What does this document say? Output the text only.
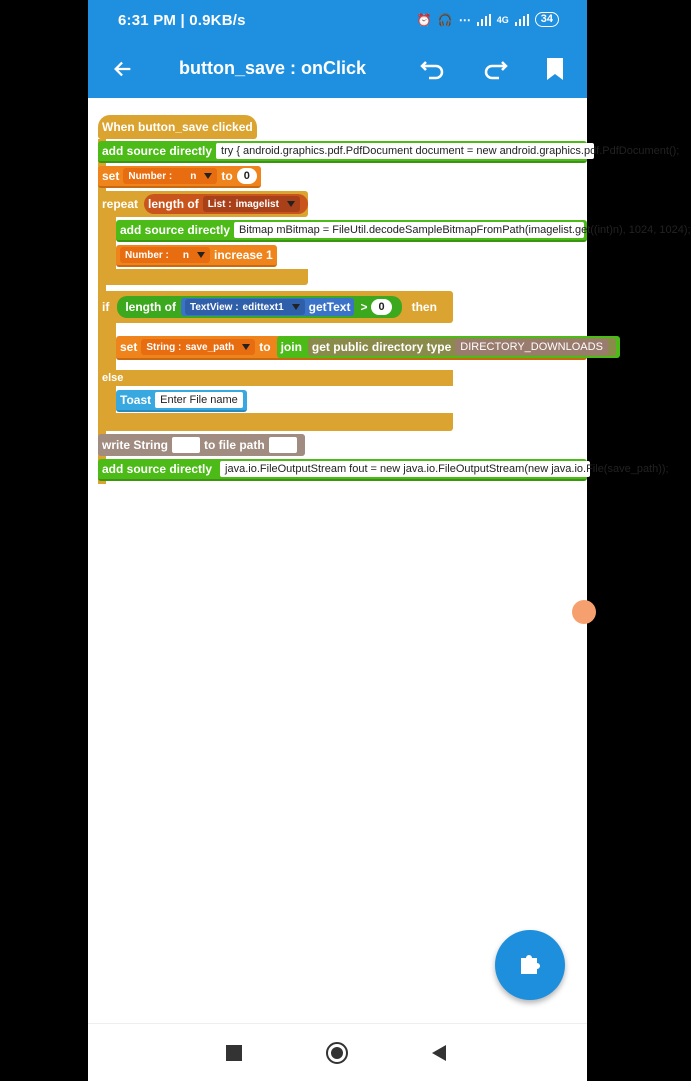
6:31 PM | 0.9KB/s	⏰ 🎧 ⋯	4G	34
button_save : onClick
When button_save clicked
add source directly try { android.graphics.pdf.PdfDocument document = new android.graphics.pdf.PdfDocument();
set Number : n to	0
repeat length of List : imagelist
add source directly Bitmap mBitmap = FileUtil.decodeSampleBitmapFromPath(imagelist.get((int)n), 1024, 1024);
Number : n increase 1
if length of TextView : edittext1 getText >	0	then
set String : save_path to join get public directory type DIRECTORY_DOWNLOADS
else
Toast Enter File name
write String	to file path
add source directly	java.io.FileOutputStream fout = new java.io.FileOutputStream(new java.io.File(save_path));
